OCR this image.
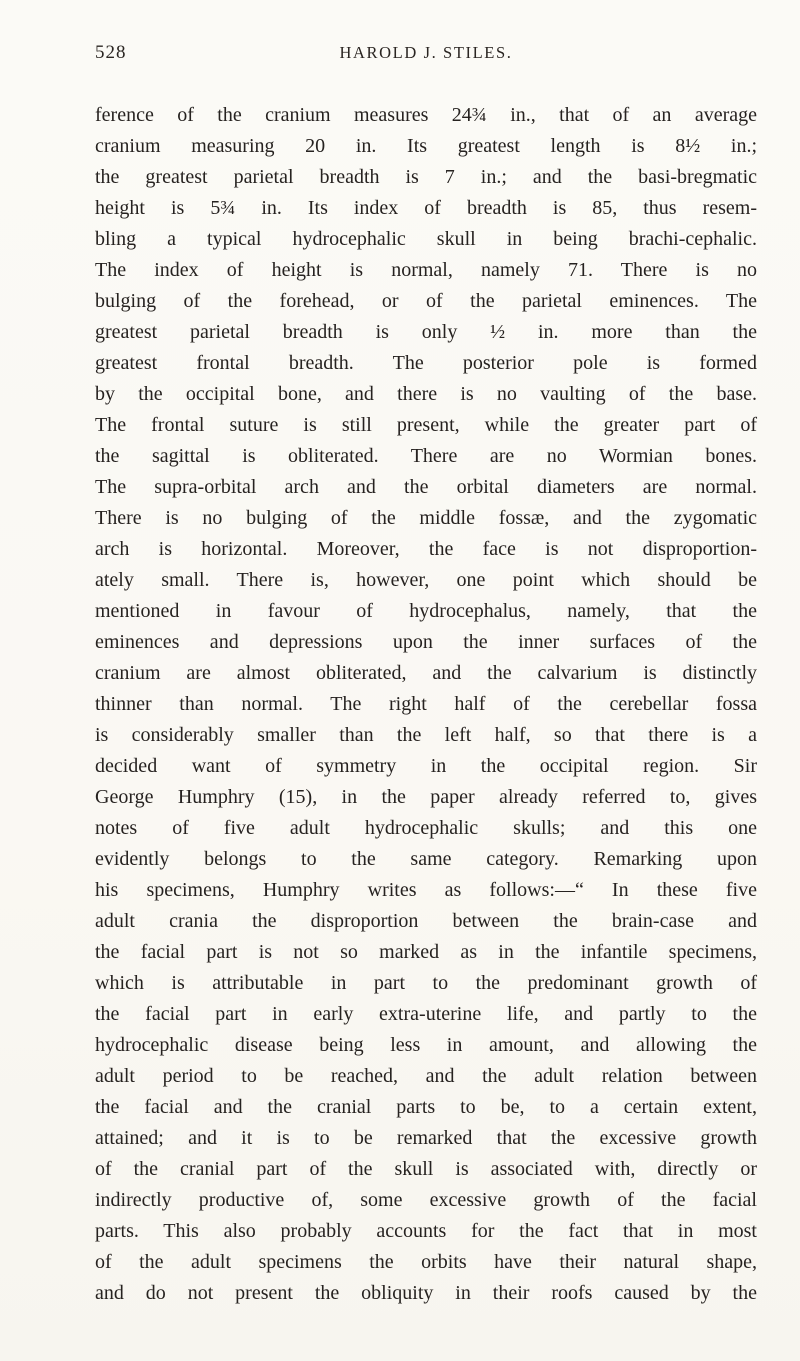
528	HAROLD J. STILES.

ference of the cranium measures 24¾ in., that of an average

cranium measuring 20 in. Its greatest length is 8½ in.;

the greatest parietal breadth is 7 in.; and the basi-bregmatic

height is 5¾ in. Its index of breadth is 85, thus resem-

bling a typical hydrocephalic skull in being brachi-cephalic.

The index of height is normal, namely 71. There is no

bulging of the forehead, or of the parietal eminences. The

greatest parietal breadth is only ½ in. more than the

greatest frontal breadth. The posterior pole is formed

by the occipital bone, and there is no vaulting of the base.

The frontal suture is still present, while the greater part of

the sagittal is obliterated. There are no Wormian bones.

The supra-orbital arch and the orbital diameters are normal.

There is no bulging of the middle fossæ, and the zygomatic

arch is horizontal. Moreover, the face is not disproportion-

ately small. There is, however, one point which should be

mentioned in favour of hydrocephalus, namely, that the

eminences and depressions upon the inner surfaces of the

cranium are almost obliterated, and the calvarium is distinctly

thinner than normal. The right half of the cerebellar fossa

is considerably smaller than the left half, so that there is a

decided want of symmetry in the occipital region. Sir

George Humphry (15), in the paper already referred to, gives

notes of five adult hydrocephalic skulls; and this one

evidently belongs to the same category. Remarking upon

his specimens, Humphry writes as follows:—“ In these five

adult crania the disproportion between the brain-case and

the facial part is not so marked as in the infantile specimens,

which is attributable in part to the predominant growth of

the facial part in early extra-uterine life, and partly to the

hydrocephalic disease being less in amount, and allowing the

adult period to be reached, and the adult relation between

the facial and the cranial parts to be, to a certain extent,

attained; and it is to be remarked that the excessive growth

of the cranial part of the skull is associated with, directly or

indirectly productive of, some excessive growth of the facial

parts. This also probably accounts for the fact that in most

of the adult specimens the orbits have their natural shape,

and do not present the obliquity in their roofs caused by the
